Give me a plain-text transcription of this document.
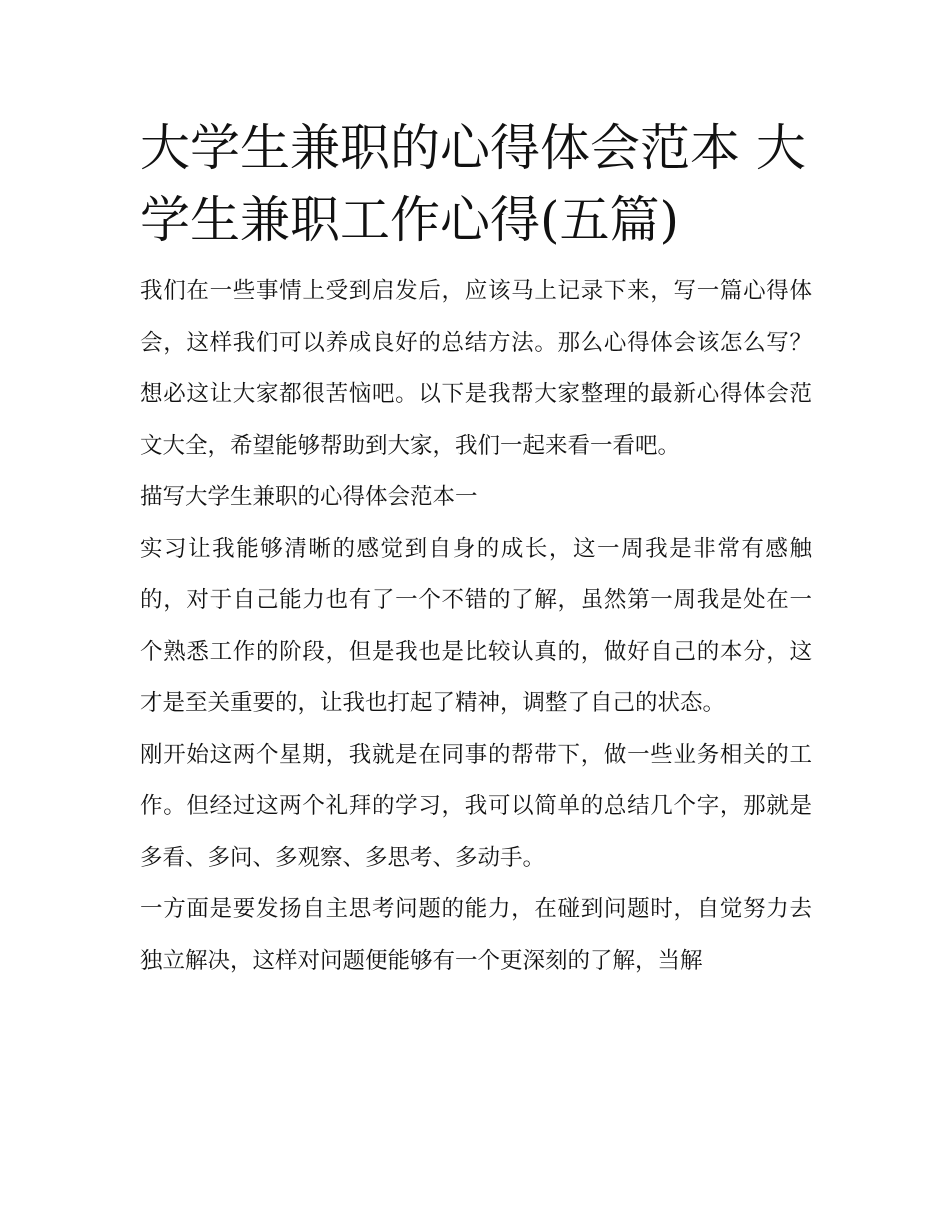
大学生兼职的心得体会范本 大学生兼职工作心得(五篇)

我们在一些事情上受到启发后，应该马上记录下来，写一篇心得体会，这样我们可以养成良好的总结方法。那么心得体会该怎么写？想必这让大家都很苦恼吧。以下是我帮大家整理的最新心得体会范文大全，希望能够帮助到大家，我们一起来看一看吧。

描写大学生兼职的心得体会范本一

实习让我能够清晰的感觉到自身的成长，这一周我是非常有感触的，对于自己能力也有了一个不错的了解，虽然第一周我是处在一个熟悉工作的阶段，但是我也是比较认真的，做好自己的本分，这才是至关重要的，让我也打起了精神，调整了自己的状态。

刚开始这两个星期，我就是在同事的帮带下，做一些业务相关的工作。但经过这两个礼拜的学习，我可以简单的总结几个字，那就是多看、多问、多观察、多思考、多动手。

一方面是要发扬自主思考问题的能力，在碰到问题时，自觉努力去独立解决，这样对问题便能够有一个更深刻的了解，当解
